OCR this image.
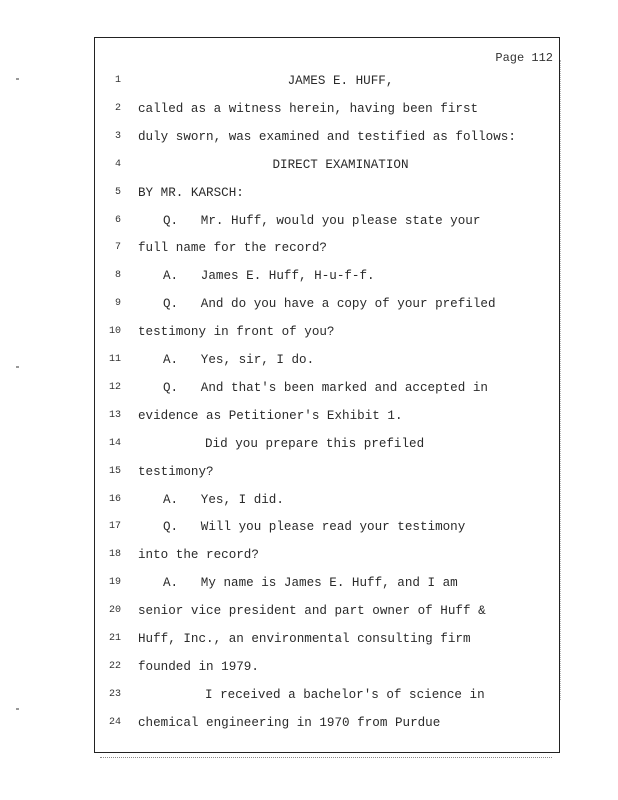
Page 112
1	JAMES E. HUFF,
2 called as a witness herein, having been first
3 duly sworn, was examined and testified as follows:
4	DIRECT EXAMINATION
5 BY MR. KARSCH:
6	Q.   Mr. Huff, would you please state your
7 full name for the record?
8	A.   James E. Huff, H-u-f-f.
9	Q.   And do you have a copy of your prefiled
10 testimony in front of you?
11	A.   Yes, sir, I do.
12	Q.   And that's been marked and accepted in
13 evidence as Petitioner's Exhibit 1.
14	Did you prepare this prefiled
15 testimony?
16	A.   Yes, I did.
17	Q.   Will you please read your testimony
18 into the record?
19	A.   My name is James E. Huff, and I am
20 senior vice president and part owner of Huff &
21 Huff, Inc., an environmental consulting firm
22 founded in 1979.
23	I received a bachelor's of science in
24 chemical engineering in 1970 from Purdue
